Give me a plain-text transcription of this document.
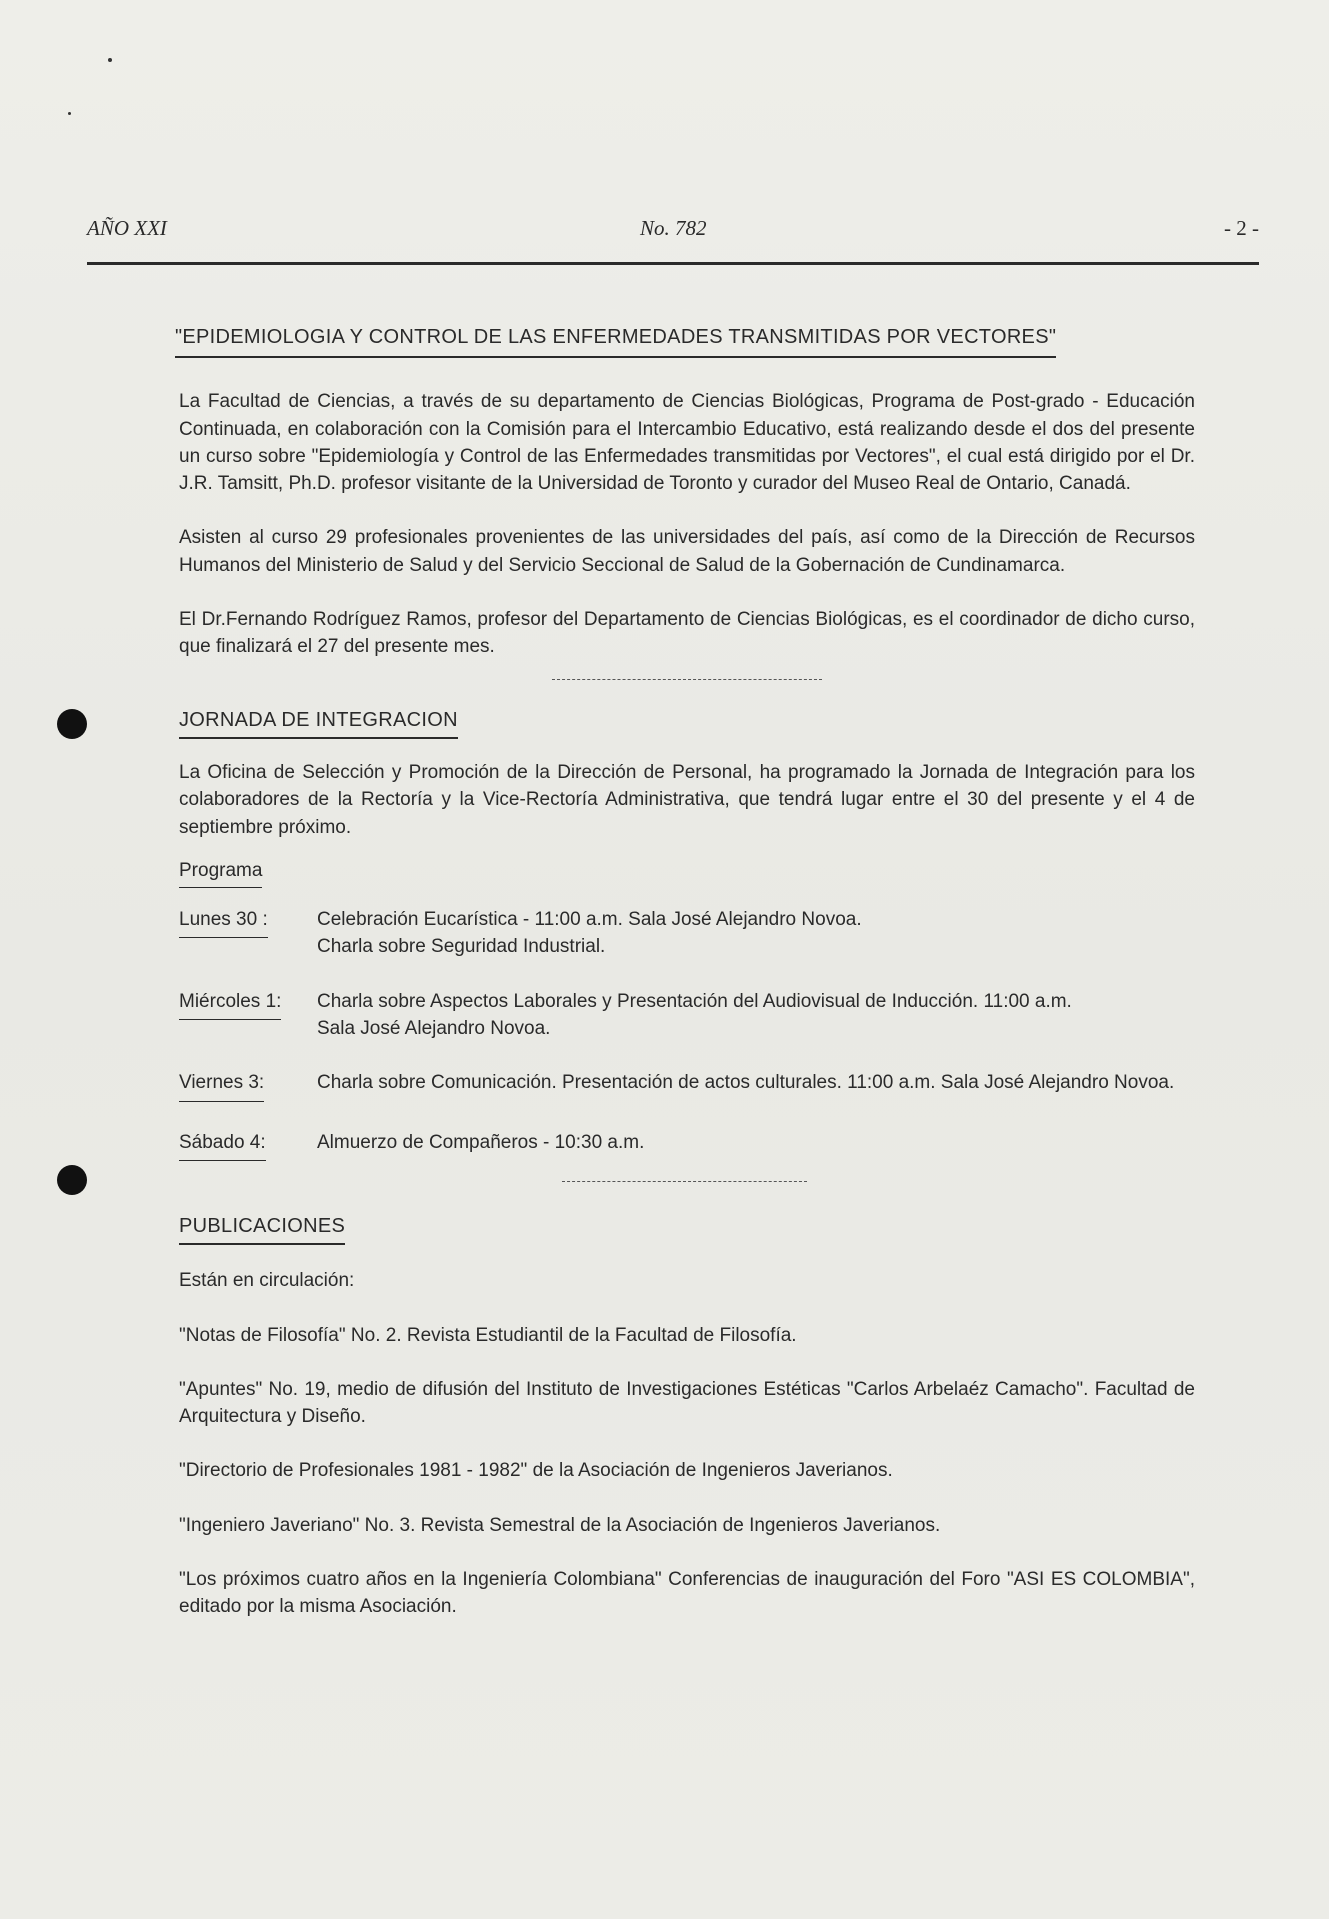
AÑO XXI	No. 782	- 2 -
"EPIDEMIOLOGIA Y CONTROL DE LAS ENFERMEDADES TRANSMITIDAS POR VECTORES"

La Facultad de Ciencias, a través de su departamento de Ciencias Biológicas, Programa de Post-grado - Educación Continuada, en colaboración con la Comisión para el Intercambio Educativo, está realizando desde el dos del presente un curso sobre "Epidemiología y Control de las Enfermedades transmitidas por Vectores", el cual está dirigido por el Dr. J.R. Tamsitt, Ph.D. profesor visitante de la Universidad de Toronto y curador del Museo Real de Ontario, Canadá.

Asisten al curso 29 profesionales provenientes de las universidades del país, así como de la Dirección de Recursos Humanos del Ministerio de Salud y del Servicio Seccional de Salud de la Gobernación de Cundinamarca.

El Dr.Fernando Rodríguez Ramos, profesor del Departamento de Ciencias Biológicas, es el coordinador de dicho curso, que finalizará el 27 del presente mes.

JORNADA DE INTEGRACION

La Oficina de Selección y Promoción de la Dirección de Personal, ha programado la Jornada de Integración para los colaboradores de la Rectoría y la Vice-Rectoría Administrativa, que tendrá lugar entre el 30 del presente y el 4 de septiembre próximo.

Programa
Lunes 30 :	Celebración Eucarística - 11:00 a.m. Sala José Alejandro Novoa.
Charla sobre Seguridad Industrial.
Miércoles 1:	Charla sobre Aspectos Laborales y Presentación del Audiovisual de Inducción. 11:00 a.m.
Sala José Alejandro Novoa.
Viernes 3:	Charla sobre Comunicación. Presentación de actos culturales. 11:00 a.m. Sala José Alejandro Novoa.
Sábado 4:	Almuerzo de Compañeros - 10:30 a.m.
PUBLICACIONES
Están en circulación:

"Notas de Filosofía" No. 2. Revista Estudiantil de la Facultad de Filosofía.

"Apuntes" No. 19, medio de difusión del Instituto de Investigaciones Estéticas "Carlos Arbelaéz Camacho". Facultad de Arquitectura y Diseño.

"Directorio de Profesionales 1981 - 1982" de la Asociación de Ingenieros Javerianos.

"Ingeniero Javeriano" No. 3. Revista Semestral de la Asociación de Ingenieros Javerianos.

"Los próximos cuatro años en la Ingeniería Colombiana" Conferencias de inauguración del Foro "ASI ES COLOMBIA", editado por la misma Asociación.
